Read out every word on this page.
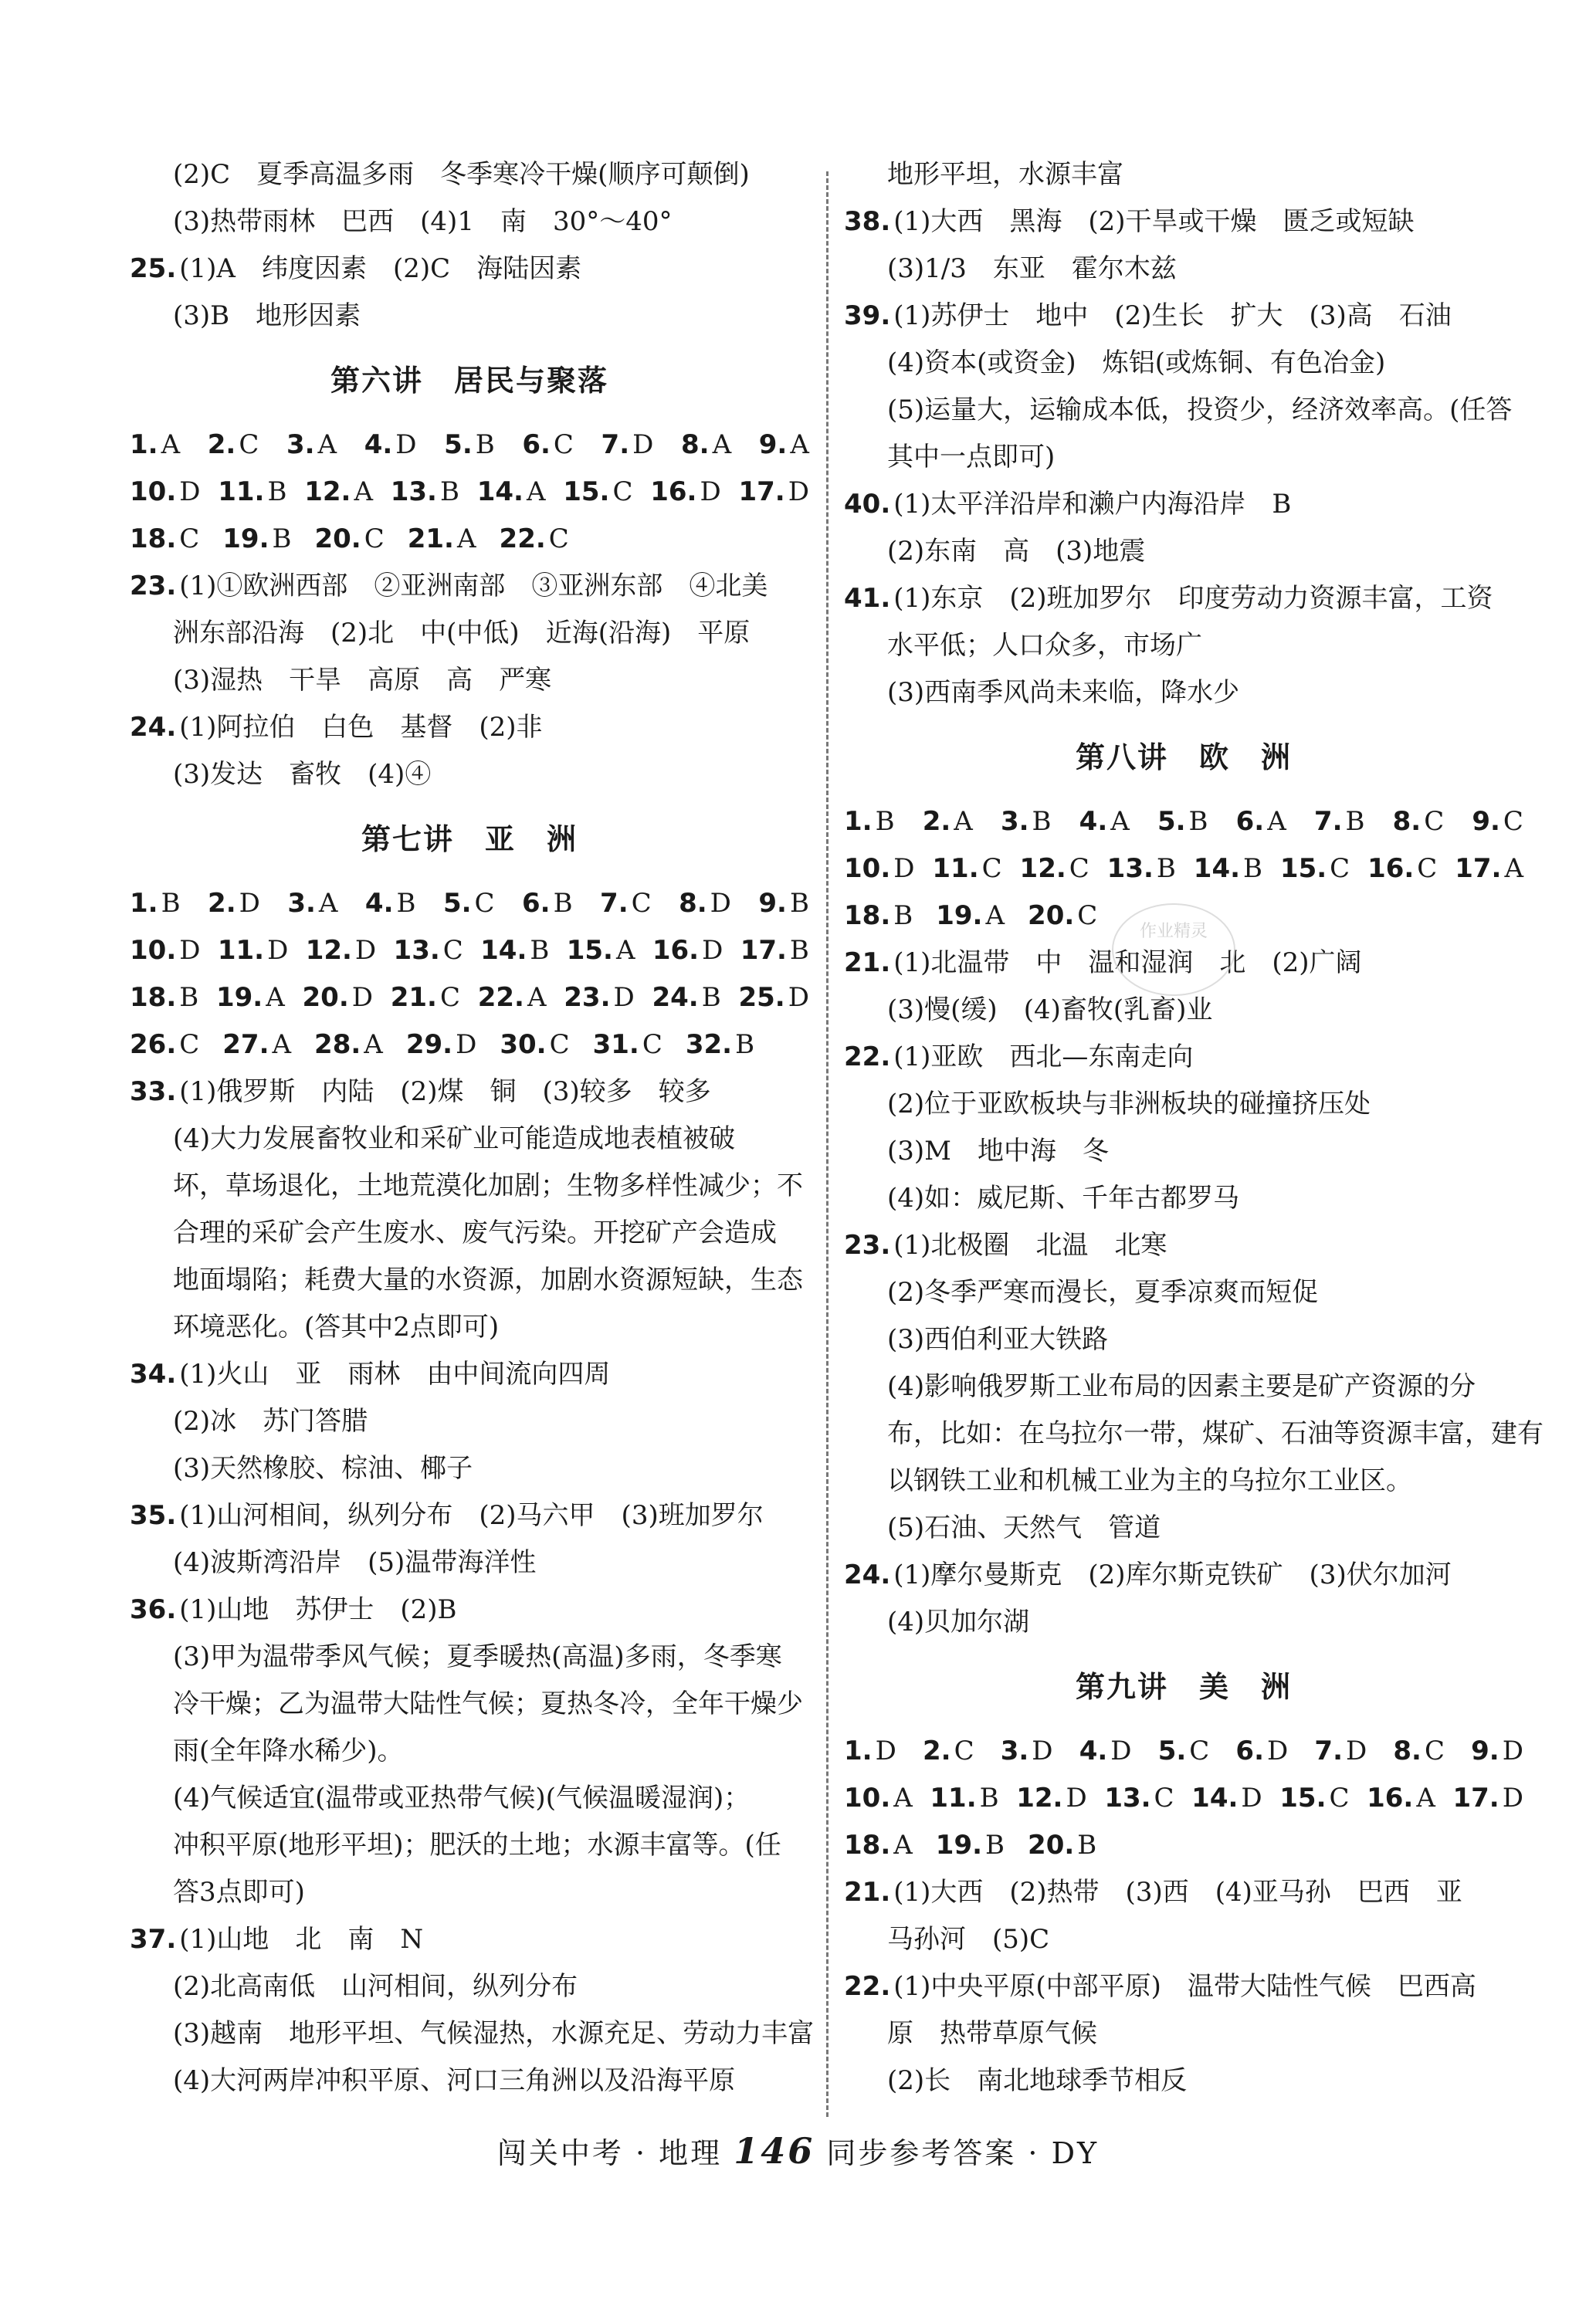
(2)C　夏季高温多雨　冬季寒冷干燥(顺序可颠倒)
(3)热带雨林　巴西　(4)1　南　30°～40°
25. (1)A　纬度因素　(2)C　海陆因素
(3)B　地形因素
第六讲　居民与聚落
1. A 2. C 3. A 4. D 5. B 6. C 7. D 8. A 9. A
10. D 11. B 12. A 13. B 14. A 15. C 16. D 17. D
18. C 19. B 20. C 21. A 22. C
23. (1)①欧洲西部　②亚洲南部　③亚洲东部　④北美
洲东部沿海　(2)北　中(中低)　近海(沿海)　平原
(3)湿热　干旱　高原　高　严寒
24. (1)阿拉伯　白色　基督　(2)非
(3)发达　畜牧　(4)④
第七讲　亚　洲
1. B 2. D 3. A 4. B 5. C 6. B 7. C 8. D 9. B
10. D 11. D 12. D 13. C 14. B 15. A 16. D 17. B
18. B 19. A 20. D 21. C 22. A 23. D 24. B 25. D
26. C 27. A 28. A 29. D 30. C 31. C 32. B
33. (1)俄罗斯　内陆　(2)煤　铜　(3)较多　较多
(4)大力发展畜牧业和采矿业可能造成地表植被破
坏，草场退化，土地荒漠化加剧；生物多样性减少；不
合理的采矿会产生废水、废气污染。开挖矿产会造成
地面塌陷；耗费大量的水资源，加剧水资源短缺，生态
环境恶化。(答其中2点即可)
34. (1)火山　亚　雨林　由中间流向四周
(2)冰　苏门答腊
(3)天然橡胶、棕油、椰子
35. (1)山河相间，纵列分布　(2)马六甲　(3)班加罗尔
(4)波斯湾沿岸　(5)温带海洋性
36. (1)山地　苏伊士　(2)B
(3)甲为温带季风气候；夏季暖热(高温)多雨，冬季寒
冷干燥；乙为温带大陆性气候；夏热冬冷，全年干燥少
雨(全年降水稀少)。
(4)气候适宜(温带或亚热带气候)(气候温暖湿润)；
冲积平原(地形平坦)；肥沃的土地；水源丰富等。(任
答3点即可)
37. (1)山地　北　南　N
(2)北高南低　山河相间，纵列分布
(3)越南　地形平坦、气候湿热，水源充足、劳动力丰富
(4)大河两岸冲积平原、河口三角洲以及沿海平原
地形平坦，水源丰富
38. (1)大西　黑海　(2)干旱或干燥　匮乏或短缺
(3)1/3　东亚　霍尔木兹
39. (1)苏伊士　地中　(2)生长　扩大　(3)高　石油
(4)资本(或资金)　炼铝(或炼铜、有色冶金)
(5)运量大，运输成本低，投资少，经济效率高。(任答
其中一点即可)
40. (1)太平洋沿岸和濑户内海沿岸　B
(2)东南　高　(3)地震
41. (1)东京　(2)班加罗尔　印度劳动力资源丰富，工资
水平低；人口众多，市场广
(3)西南季风尚未来临，降水少
第八讲　欧　洲
1. B 2. A 3. B 4. A 5. B 6. A 7. B 8. C 9. C
10. D 11. C 12. C 13. B 14. B 15. C 16. C 17. A
18. B 19. A 20. C
21. (1)北温带　中　温和湿润　北　(2)广阔
(3)慢(缓)　(4)畜牧(乳畜)业
22. (1)亚欧　西北—东南走向
(2)位于亚欧板块与非洲板块的碰撞挤压处
(3)M　地中海　冬
(4)如：威尼斯、千年古都罗马
23. (1)北极圈　北温　北寒
(2)冬季严寒而漫长，夏季凉爽而短促
(3)西伯利亚大铁路
(4)影响俄罗斯工业布局的因素主要是矿产资源的分
布，比如：在乌拉尔一带，煤矿、石油等资源丰富，建有
以钢铁工业和机械工业为主的乌拉尔工业区。
(5)石油、天然气　管道
24. (1)摩尔曼斯克　(2)库尔斯克铁矿　(3)伏尔加河
(4)贝加尔湖
第九讲　美　洲
1. D 2. C 3. D 4. D 5. C 6. D 7. D 8. C 9. D
10. A 11. B 12. D 13. C 14. D 15. C 16. A 17. D
18. A 19. B 20. B
21. (1)大西　(2)热带　(3)西　(4)亚马孙　巴西　亚
马孙河　(5)C
22. (1)中央平原(中部平原)　温带大陆性气候　巴西高
原　热带草原气候
(2)长　南北地球季节相反
作业精灵
闯关中考 · 地理 146 同步参考答案 · DY
